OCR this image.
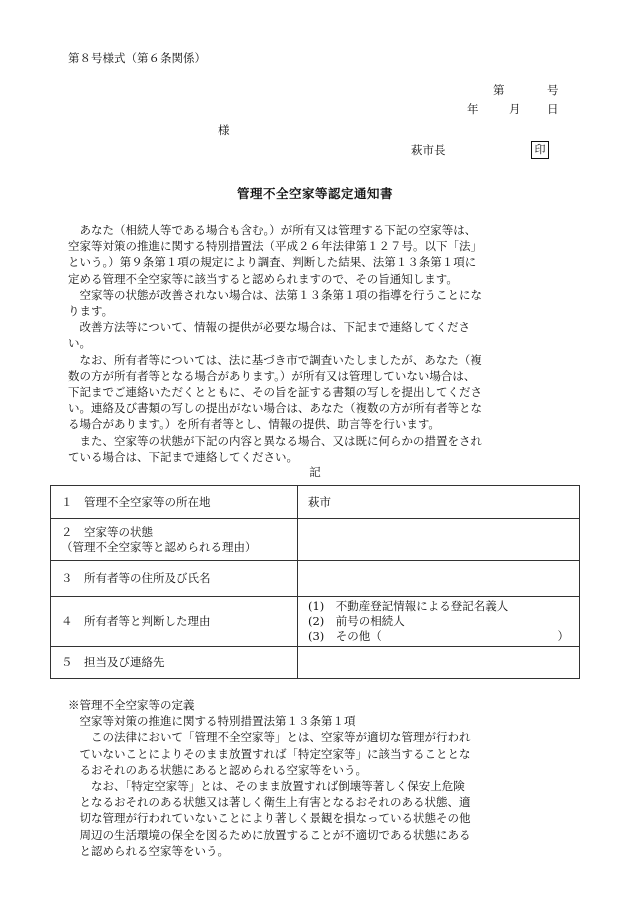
第８号様式（第６条関係）
第	号
年	月 日
様
萩市長	印
管理不全空家等認定通知書

　あなた（相続人等である場合も含む。）が所有又は管理する下記の空家等は、

空家等対策の推進に関する特別措置法（平成２６年法律第１２７号。以下「法」

という。）第９条第１項の規定により調査、判断した結果、法第１３条第１項に

定める管理不全空家等に該当すると認められますので、その旨通知します。

　空家等の状態が改善されない場合は、法第１３条第１項の指導を行うことにな

ります。

　改善方法等について、情報の提供が必要な場合は、下記まで連絡してくださ

い。

　なお、所有者等については、法に基づき市で調査いたしましたが、あなた（複

数の方が所有者等となる場合があります。）が所有又は管理していない場合は、

下記までご連絡いただくとともに、その旨を証する書類の写しを提出してくださ

い。連絡及び書類の写しの提出がない場合は、あなた（複数の方が所有者等とな

る場合があります。）を所有者等とし、情報の提供、助言等を行います。

　また、空家等の状態が下記の内容と異なる場合、又は既に何らかの措置をされ

ている場合は、下記まで連絡してください。

記
１　管理不全空家等の所在地	萩市

２　空家等の状態
（管理不全空家等と認められる理由）	

３　所有者等の住所及び氏名	
４　所有者等と判断した理由	(1)　不動産登記情報による登記名義人
(2)　前号の相続人
(3)　その他（ ）

５　担当及び連絡先	

※管理不全空家等の定義

　空家等対策の推進に関する特別措置法第１３条第１項

　　この法律において「管理不全空家等」とは、空家等が適切な管理が行われ

　ていないことによりそのまま放置すれば「特定空家等」に該当することとな

　るおそれのある状態にあると認められる空家等をいう。

　　なお、「特定空家等」とは、そのまま放置すれば倒壊等著しく保安上危険

　となるおそれのある状態又は著しく衛生上有害となるおそれのある状態、適

　切な管理が行われていないことにより著しく景観を損なっている状態その他

　周辺の生活環境の保全を図るために放置することが不適切である状態にある

　と認められる空家等をいう。
